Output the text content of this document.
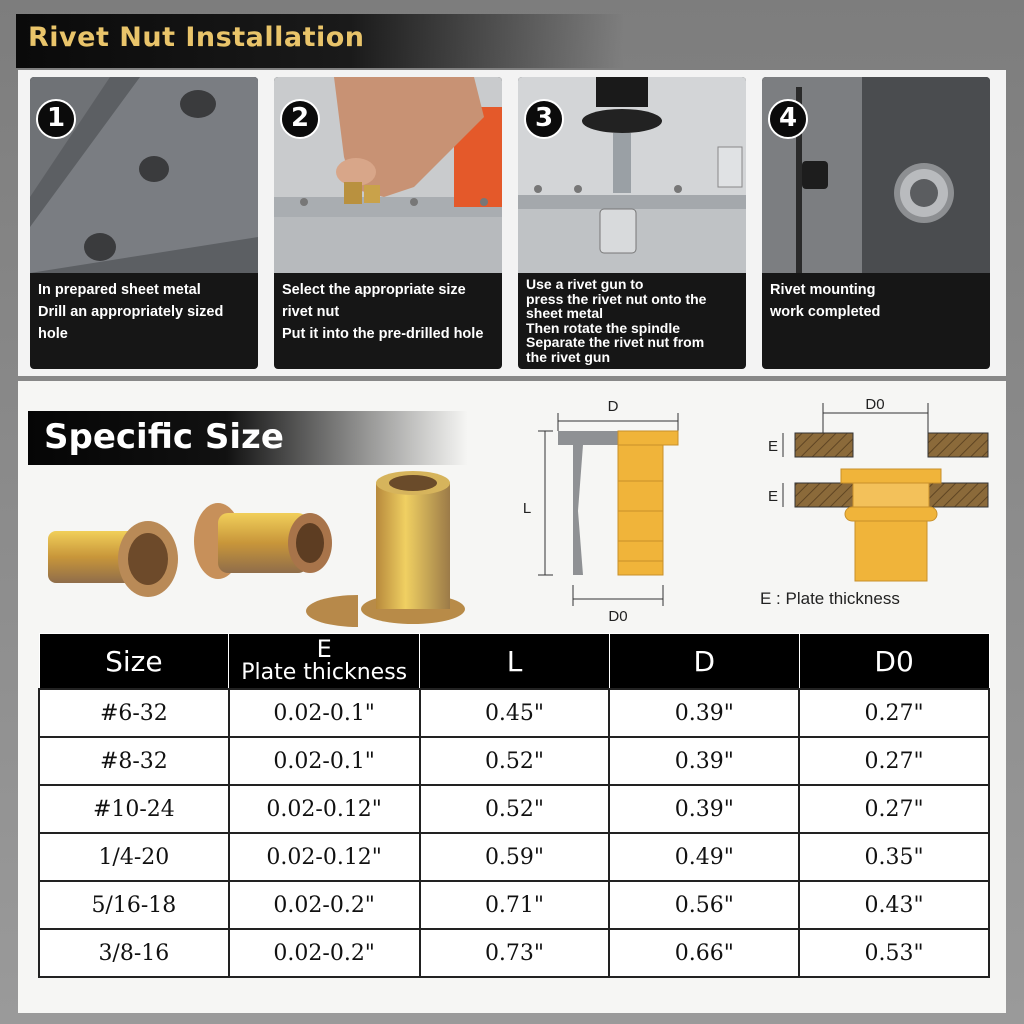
Rivet Nut Installation
1
In prepared sheet metal
Drill an appropriately sized
hole
2
Select the appropriate size
rivet nut
Put it into the pre-drilled hole
3
Use a rivet gun to
press the rivet nut onto the
sheet metal
Then rotate the spindle
Separate the rivet nut from
the rivet gun
4
Rivet mounting
work completed
Specific Size
D
L
D0
D0
E
E
E : Plate thickness
Size	E
Plate thickness	L	D	D0
#6-32	0.02-0.1"	0.45"	0.39"	0.27"
#8-32	0.02-0.1"	0.52"	0.39"	0.27"
#10-24	0.02-0.12"	0.52"	0.39"	0.27"
1/4-20	0.02-0.12"	0.59"	0.49"	0.35"
5/16-18	0.02-0.2"	0.71"	0.56"	0.43"
3/8-16	0.02-0.2"	0.73"	0.66"	0.53"
